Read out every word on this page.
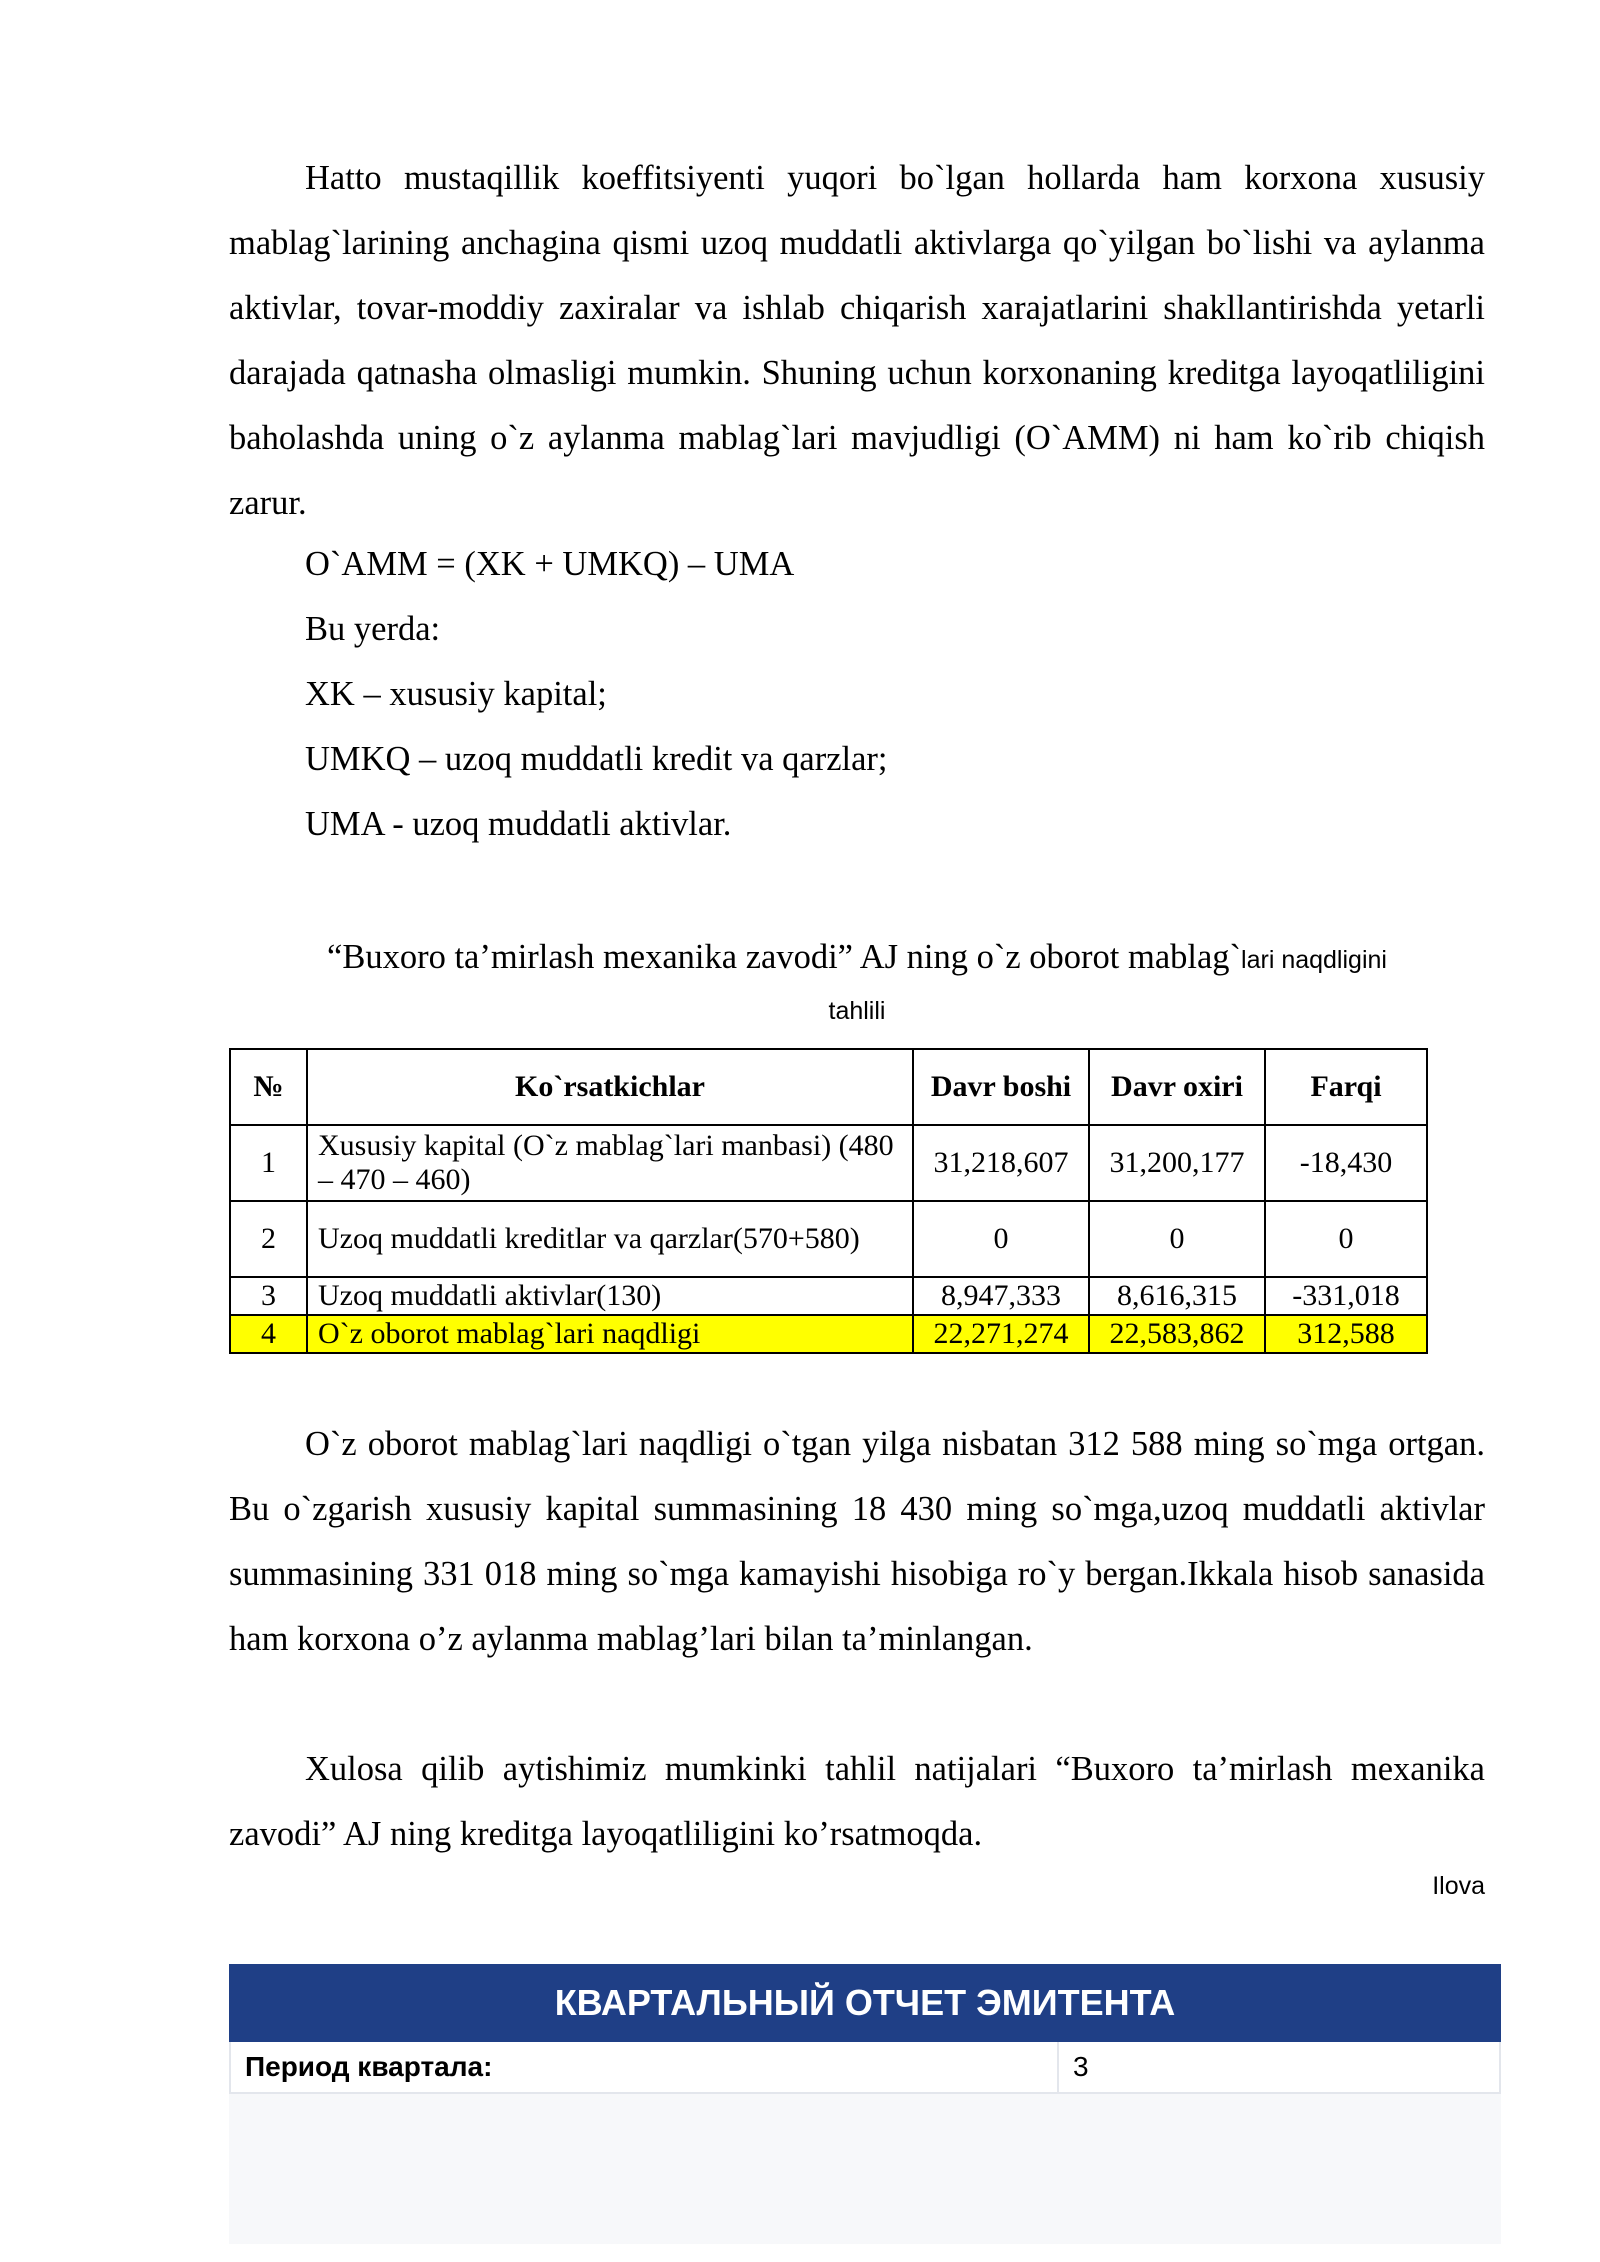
Hatto mustaqillik koeffitsiyenti yuqori bo`lgan hollarda ham korxona xususiy mablag`larining anchagina qismi uzoq muddatli aktivlarga qo`yilgan bo`lishi va aylanma aktivlar, tovar-moddiy zaxiralar va ishlab chiqarish xarajatlarini shakllantirishda yetarli darajada qatnasha olmasligi mumkin. Shuning uchun korxonaning kreditga layoqatliligini baholashda uning o`z aylanma mablag`lari mavjudligi (O`AMM) ni ham ko`rib chiqish zarur.

O`AMM = (XK + UMKQ) – UMA

Bu yerda:

XK – xususiy kapital;

UMKQ – uzoq muddatli kredit va qarzlar;

UMA - uzoq muddatli aktivlar.

“Buxoro ta’mirlash mexanika zavodi” AJ ning o`z oborot mablag`lari naqdligini

tahlili

№	Ko`rsatkichlar	Davr boshi	Davr oxiri	Farqi
1	Xususiy kapital (O`z mablag`lari manbasi) (480 – 470 – 460)	31,218,607	31,200,177	-18,430
2	Uzoq muddatli kreditlar va qarzlar(570+580)	0	0	0
3	Uzoq muddatli aktivlar(130)	8,947,333	8,616,315	-331,018
4	O`z oborot mablag`lari naqdligi	22,271,274	22,583,862	312,588

O`z oborot mablag`lari naqdligi o`tgan yilga nisbatan 312 588 ming so`mga ortgan. Bu o`zgarish xususiy kapital summasining 18 430 ming so`mga,uzoq muddatli aktivlar summasining 331 018 ming so`mga kamayishi hisobiga ro`y bergan.Ikkala hisob sanasida ham korxona o’z aylanma mablag’lari bilan ta’minlangan.

Xulosa qilib aytishimiz mumkinki tahlil natijalari “Buxoro ta’mirlash mexanika zavodi” AJ ning kreditga layoqatliligini ko’rsatmoqda.

Ilova

КВАРТАЛЬНЫЙ ОТЧЕТ ЭМИТЕНТА
Период квартала:	3
